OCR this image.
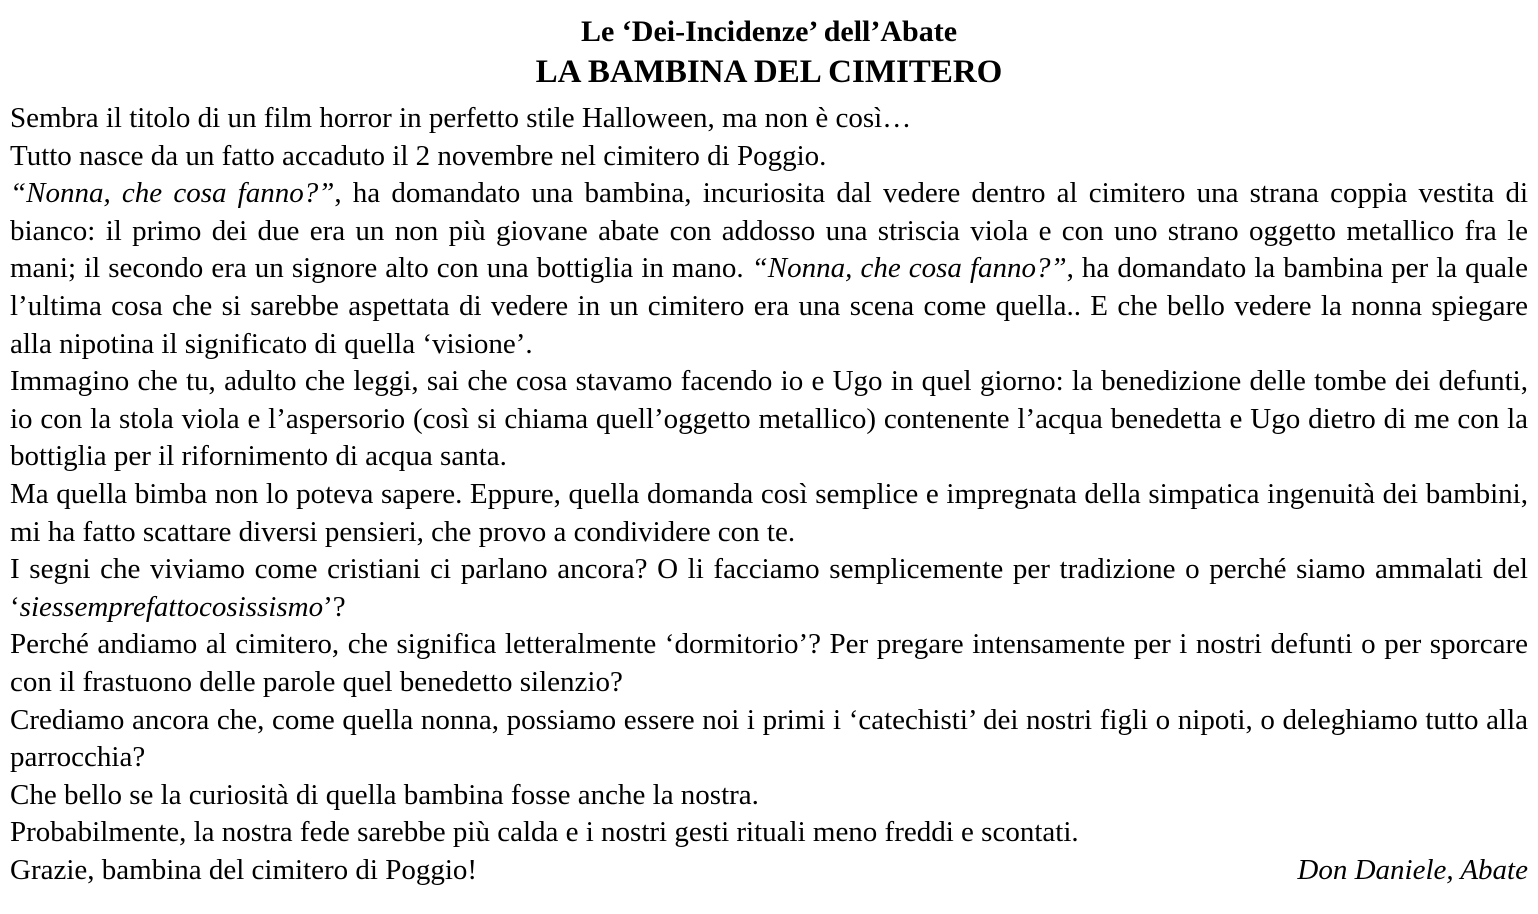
Le ‘Dei-Incidenze’ dell’Abate
LA BAMBINA DEL CIMITERO

Sembra il titolo di un film horror in perfetto stile Halloween, ma non è così…

Tutto nasce da un fatto accaduto il 2 novembre nel cimitero di Poggio.

“Nonna, che cosa fanno?”, ha domandato una bambina, incuriosita dal vedere dentro al cimitero una strana coppia vestita di bianco: il primo dei due era un non più giovane abate con addosso una striscia viola e con uno strano oggetto metallico fra le mani; il secondo era un signore alto con una bottiglia in mano. “Nonna, che cosa fanno?”, ha domandato la bambina per la quale l’ultima cosa che si sarebbe aspettata di vedere in un cimitero era una scena come quella.. E che bello vedere la nonna spiegare alla nipotina il significato di quella ‘visione’.

Immagino che tu, adulto che leggi, sai che cosa stavamo facendo io e Ugo in quel giorno: la benedizione delle tombe dei defunti, io con la stola viola e l’aspersorio (così si chiama quell’oggetto metallico) contenente l’acqua benedetta e Ugo dietro di me con la bottiglia per il rifornimento di acqua santa.

Ma quella bimba non lo poteva sapere. Eppure, quella domanda così semplice e impregnata della simpatica ingenuità dei bambini, mi ha fatto scattare diversi pensieri, che provo a condividere con te.

I segni che viviamo come cristiani ci parlano ancora? O li facciamo semplicemente per tradizione o perché siamo ammalati del ‘siessemprefattocosissismo’?

Perché andiamo al cimitero, che significa letteralmente ‘dormitorio’? Per pregare intensamente per i nostri defunti o per sporcare con il frastuono delle parole quel benedetto silenzio?

Crediamo ancora che, come quella nonna, possiamo essere noi i primi i ‘catechisti’ dei nostri figli o nipoti, o deleghiamo tutto alla parrocchia?

Che bello se la curiosità di quella bambina fosse anche la nostra.

Probabilmente, la nostra fede sarebbe più calda e i nostri gesti rituali meno freddi e scontati.

Grazie, bambina del cimitero di Poggio!	Don Daniele, Abate
